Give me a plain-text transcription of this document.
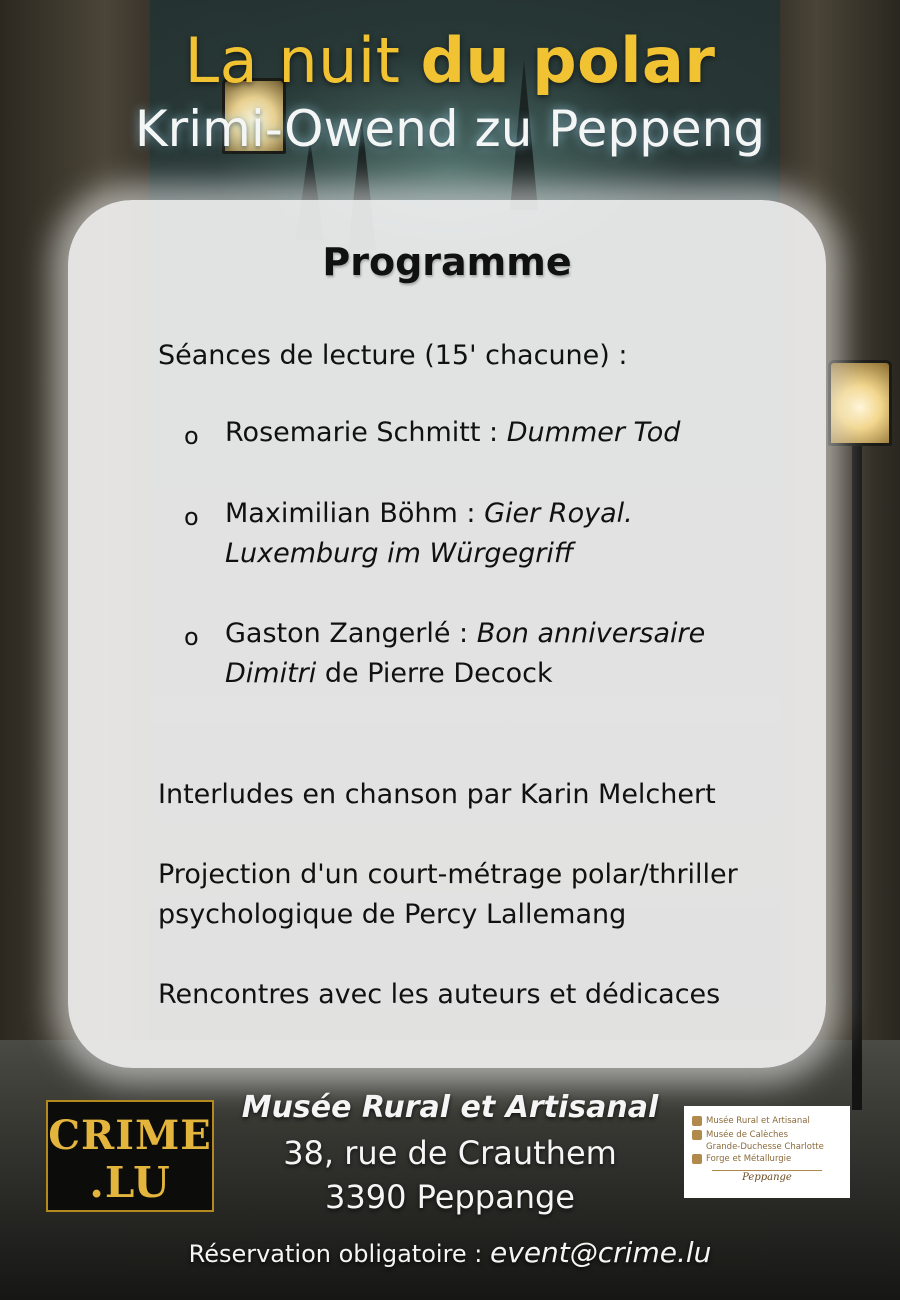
La nuit du polar
Krimi-Owend zu Peppeng
Programme
Séances de lecture (15' chacune) :
o Rosemarie Schmitt : Dummer Tod
o Maximilian Böhm : Gier Royal.
Luxemburg im Würgegriff
o Gaston Zangerlé : Bon anniversaire
Dimitri de Pierre Decock
Interludes en chanson par Karin Melchert
Projection d'un court-métrage polar/thriller
psychologique de Percy Lallemang
Rencontres avec les auteurs et dédicaces
CRIME
.LU
Musée Rural et Artisanal
38, rue de Crauthem
3390 Peppange
Musée Rural et Artisanal
Musée de Calèches
Grande-Duchesse Charlotte
Forge et Métallurgie
Peppange
Réservation obligatoire : event@crime.lu
